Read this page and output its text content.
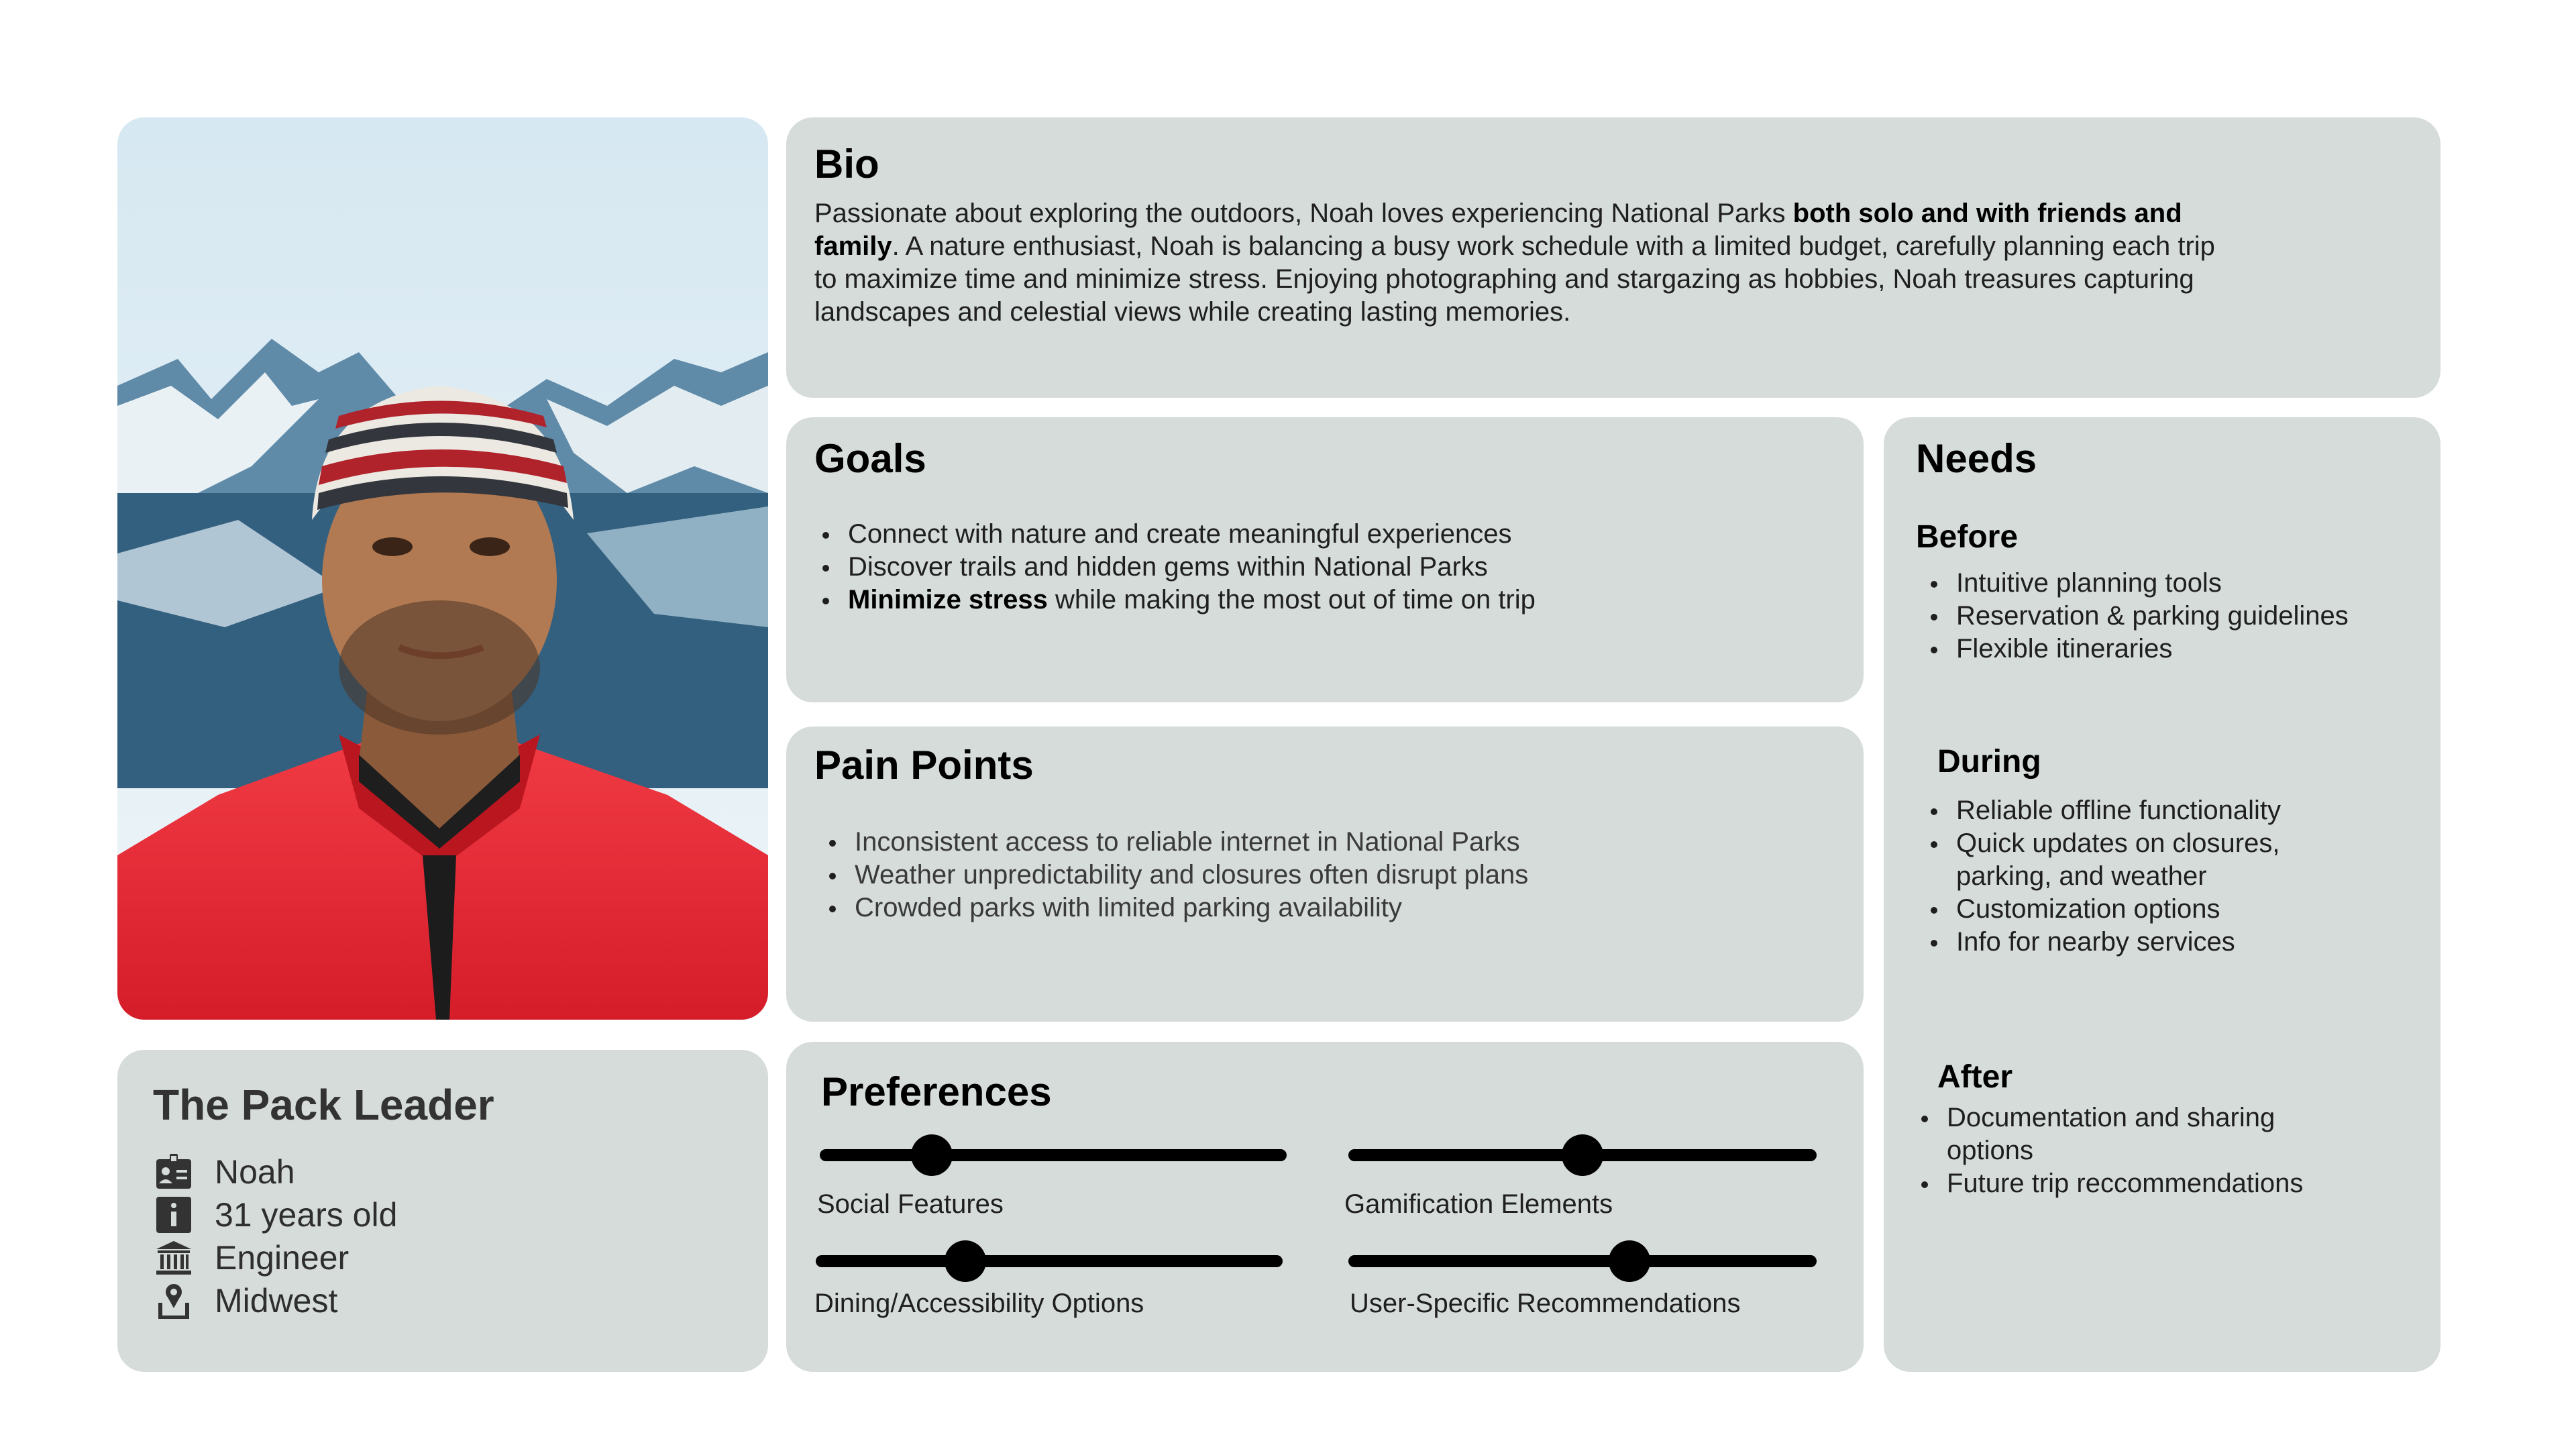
The Pack Leader
Noah
31 years old
Engineer
Midwest
Bio
Passionate about exploring the outdoors, Noah loves experiencing National Parks both solo and with friends and family. A nature enthusiast, Noah is balancing a busy work schedule with a limited budget, carefully planning each trip to maximize time and minimize stress. Enjoying photographing and stargazing as hobbies, Noah treasures capturing landscapes and celestial views while creating lasting memories.
Goals
Connect with nature and create meaningful experiences
Discover trails and hidden gems within National Parks
Minimize stress while making the most out of time on trip
Pain Points
Inconsistent access to reliable internet in National Parks
Weather unpredictability and closures often disrupt plans
Crowded parks with limited parking availability
Preferences
Social Features	Gamification Elements
Dining/Accessibility Options	User-Specific Recommendations
Needs
Before
Intuitive planning tools
Reservation & parking guidelines
Flexible itineraries
During
Reliable offline functionality
Quick updates on closures, parking, and weather
Customization options
Info for nearby services
After
Documentation and sharing options
Future trip reccommendations
